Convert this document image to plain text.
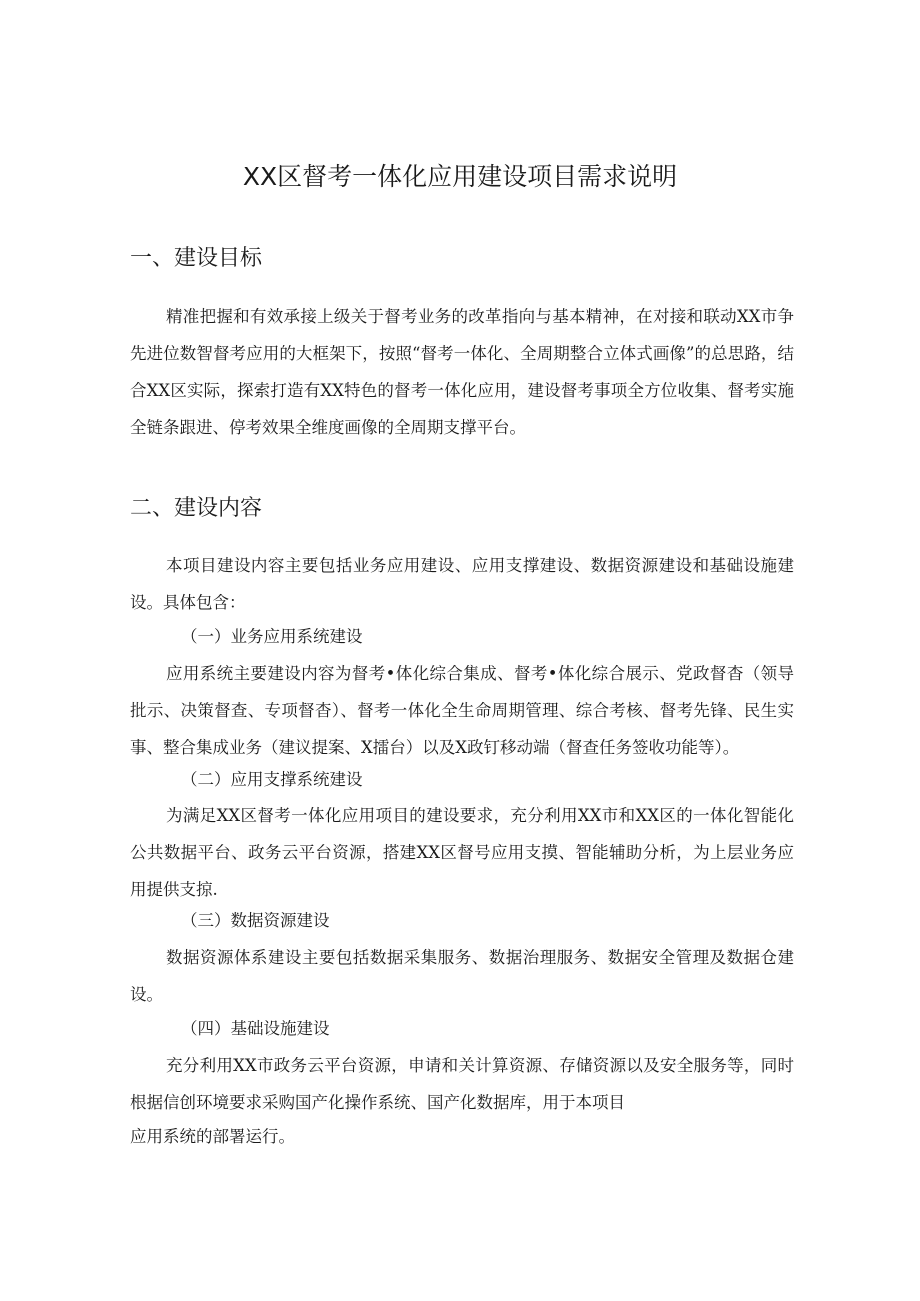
XX区督考一体化应用建设项目需求说明
一、建设目标

精准把握和有效承接上级关于督考业务的改革指向与基本精神，在对接和联动XX市争先进位数智督考应用的大框架下，按照“督考一体化、全周期整合立体式画像”的总思路，结合XX区实际，探索打造有XX特色的督考一体化应用，建设督考事项全方位收集、督考实施全链条跟进、停考效果全维度画像的全周期支撑平台。

二、建设内容

本项目建设内容主要包括业务应用建设、应用支撑建设、数据资源建设和基础设施建设。具体包含：

（一）业务应用系统建设

应用系统主要建设内容为督考•体化综合集成、督考•体化综合展示、党政督杳（领导批示、决策督查、专项督杳）、督考一体化全生命周期管理、综合考核、督考先锋、民生实事、整合集成业务（建议提案、X擂台）以及X政钉移动端（督查任务签收功能等）。

（二）应用支撑系统建设

为满足XX区督考一体化应用项目的建设要求，充分利用XX市和XX区的一体化智能化公共数据平台、政务云平台资源，搭建XX区督号应用支摸、智能辅助分析，为上层业务应用提供支掠.

（三）数据资源建设

数据资源体系建设主要包括数据采集服务、数据治理服务、数据安全管理及数据仓建设。

（四）基础设施建设

充分利用XX市政务云平台资源，申请和关计算资源、存储资源以及安全服务等，同时根据信创环境要求采购国产化操作系统、国产化数据库，用于本项目

应用系统的部署运行。
